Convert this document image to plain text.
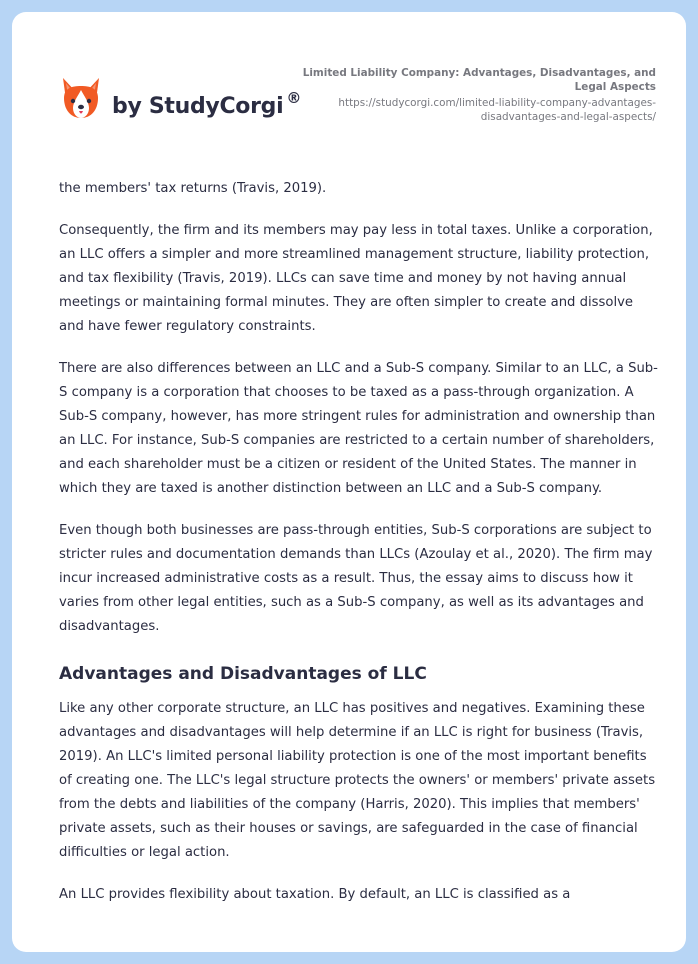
by StudyCorgi ®
Limited Liability Company: Advantages, Disadvantages, and Legal Aspects
https://studycorgi.com/limited-liability-company-advantages-disadvantages-and-legal-aspects/

the members' tax returns (Travis, 2019).

Consequently, the firm and its members may pay less in total taxes. Unlike a corporation, an LLC offers a simpler and more streamlined management structure, liability protection, and tax flexibility (Travis, 2019). LLCs can save time and money by not having annual meetings or maintaining formal minutes. They are often simpler to create and dissolve and have fewer regulatory constraints.

There are also differences between an LLC and a Sub-S company. Similar to an LLC, a Sub-S company is a corporation that chooses to be taxed as a pass-through organization. A Sub-S company, however, has more stringent rules for administration and ownership than an LLC. For instance, Sub-S companies are restricted to a certain number of shareholders, and each shareholder must be a citizen or resident of the United States. The manner in which they are taxed is another distinction between an LLC and a Sub-S company.

Even though both businesses are pass-through entities, Sub-S corporations are subject to stricter rules and documentation demands than LLCs (Azoulay et al., 2020). The firm may incur increased administrative costs as a result. Thus, the essay aims to discuss how it varies from other legal entities, such as a Sub-S company, as well as its advantages and disadvantages.

Advantages and Disadvantages of LLC

Like any other corporate structure, an LLC has positives and negatives. Examining these advantages and disadvantages will help determine if an LLC is right for business (Travis, 2019). An LLC's limited personal liability protection is one of the most important benefits of creating one. The LLC's legal structure protects the owners' or members' private assets from the debts and liabilities of the company (Harris, 2020). This implies that members' private assets, such as their houses or savings, are safeguarded in the case of financial difficulties or legal action.

An LLC provides flexibility about taxation. By default, an LLC is classified as a
